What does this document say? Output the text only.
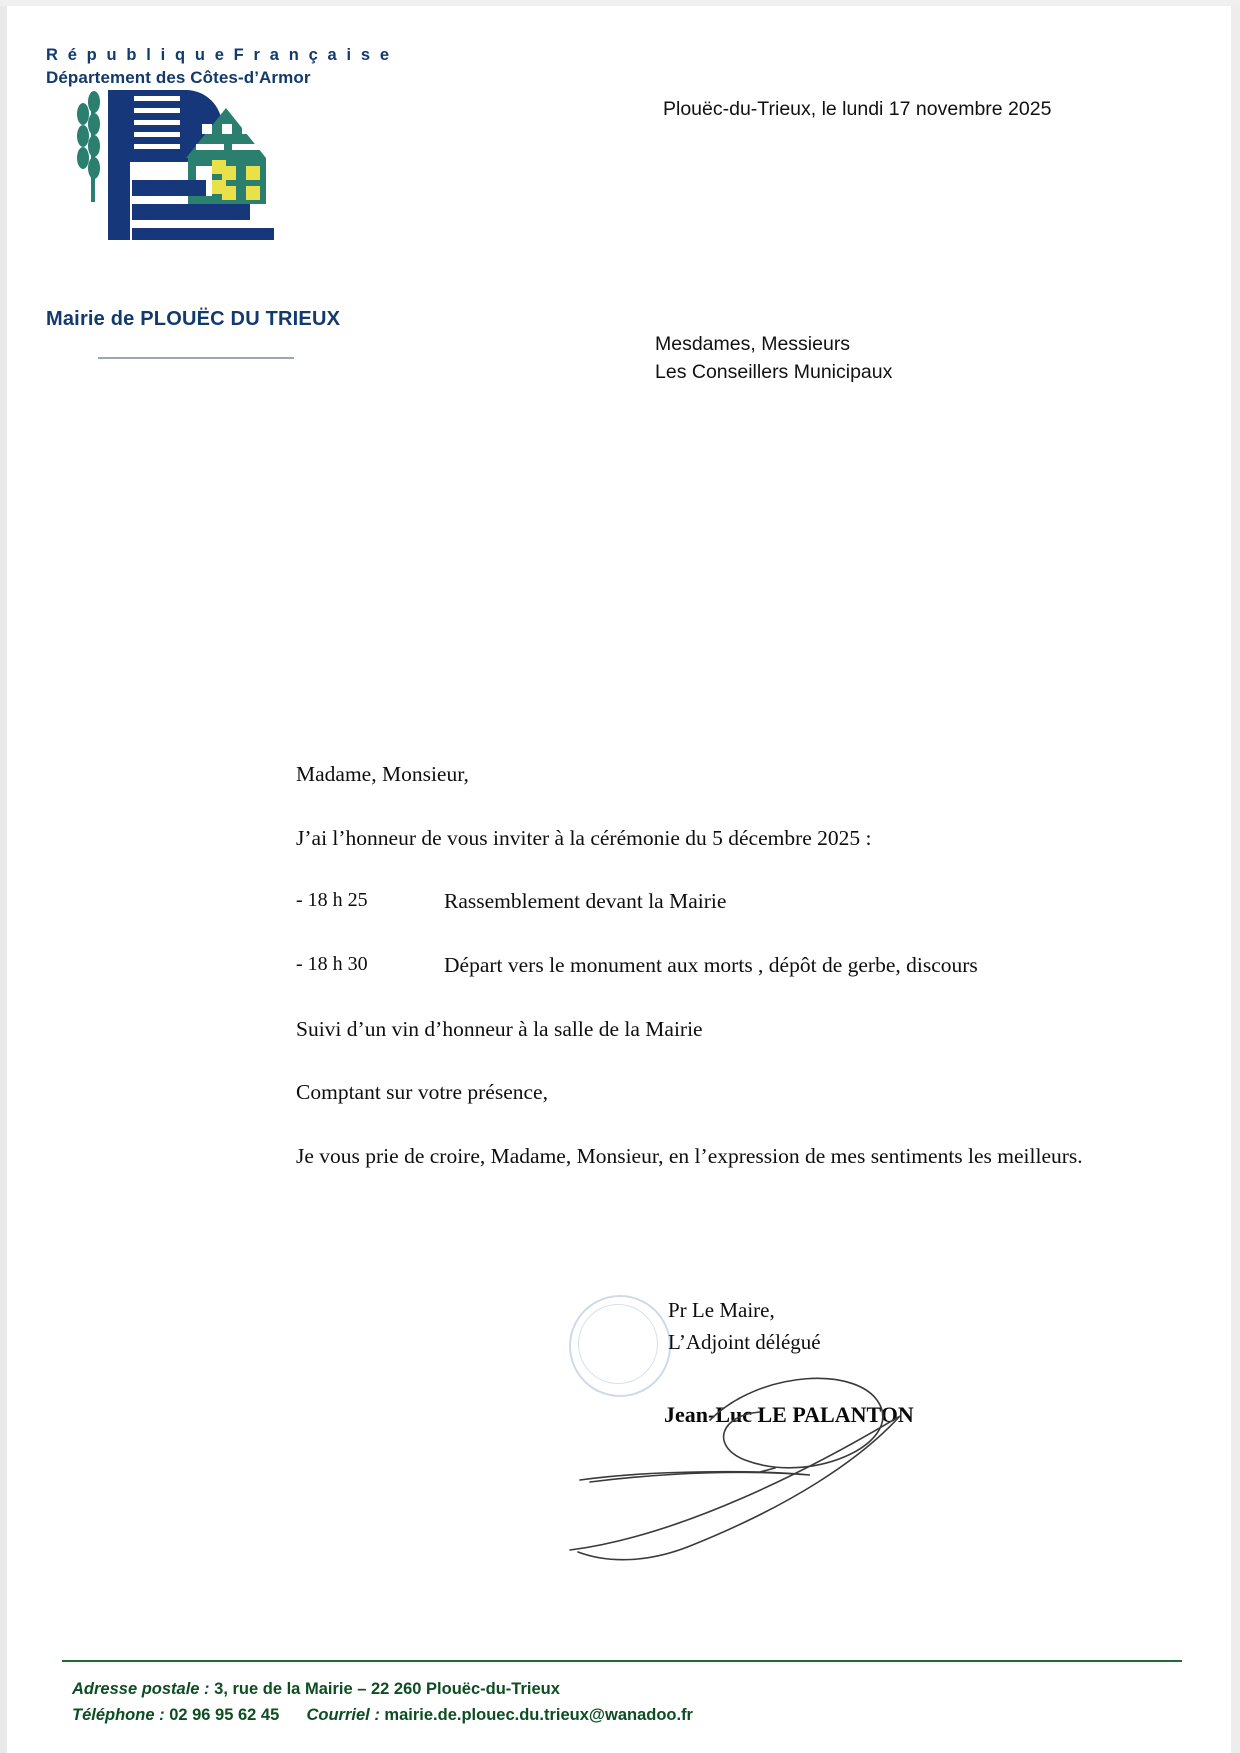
R é p u b l i q u e F r a n ç a i s e
Département des Côtes-d’Armor
Mairie de PLOUËC DU TRIEUX
Plouëc-du-Trieux, le lundi 17 novembre 2025
Mesdames, Messieurs
Les Conseillers Municipaux

Madame, Monsieur,

J’ai l’honneur de vous inviter à la cérémonie du 5 décembre 2025 :

- 18 h 25	Rassemblement devant la Mairie
- 18 h 30	Départ vers le monument aux morts , dépôt de gerbe, discours

Suivi d’un vin d’honneur à la salle de la Mairie

Comptant sur votre présence,

Je vous prie de croire, Madame, Monsieur, en l’expression de mes sentiments les meilleurs.

Pr Le Maire,
L’Adjoint délégué
Jean-Luc LE PALANTON
Adresse postale : 3, rue de la Mairie – 22 260 Plouëc-du-Trieux
Téléphone : 02 96 95 62 45 Courriel : mairie.de.plouec.du.trieux@wanadoo.fr
